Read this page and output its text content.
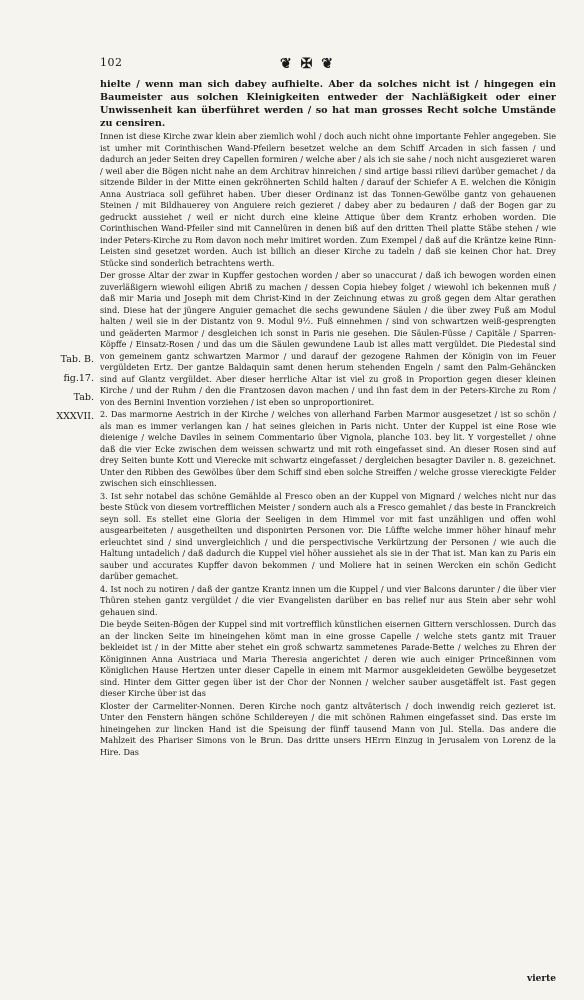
102	❦ ✠ ❦
Tab. B.
fig.17.
Tab.
XXXVII.

hielte / wenn man sich dabey aufhielte. Aber da solches nicht ist / hingegen ein Baumeister aus solchen Kleinigkeiten entweder der Nachläßigkeit oder einer Unwissenheit kan überführet werden / so hat man grosses Recht solche Umstände zu censiren.

Innen ist diese Kirche zwar klein aber ziemlich wohl / doch auch nicht ohne importante Fehler angegeben. Sie ist umher mit Corinthischen Wand-Pfeilern besetzet welche an dem Schiff Arcaden in sich fassen / und dadurch an jeder Seiten drey Capellen formiren / welche aber / als ich sie sahe / noch nicht ausgezieret waren / weil aber die Bögen nicht nahe an dem Architrav hinreichen / sind artige bassi rilievi darüber gemachet / da sitzende Bilder in der Mitte einen gekröhnerten Schild halten / darauf der Schiefer A E. welchen die Königin Anna Austriaca soll geführet haben. Uber dieser Ordinanz ist das Tonnen-Gewölbe gantz von gehauenen Steinen / mit Bildhauerey von Anguiere reich gezieret / dabey aber zu bedauren / daß der Bogen gar zu gedruckt aussiehet / weil er nicht durch eine kleine Attique über dem Krantz erhoben worden. Die Corinthischen Wand-Pfeiler sind mit Cannelüren in denen biß auf den dritten Theil platte Stäbe stehen / wie inder Peters-Kirche zu Rom davon noch mehr imitiret worden. Zum Exempel / daß auf die Kräntze keine Rinn-Leisten sind gesetzet worden. Auch ist billich an dieser Kirche zu tadeln / daß sie keinen Chor hat. Drey Stücke sind sonderlich betrachtens werth.

Der grosse Altar der zwar in Kupffer gestochen worden / aber so unaccurat / daß ich bewogen worden einen zuverläßigern wiewohl eiligen Abriß zu machen / dessen Copia hiebey folget / wiewohl ich bekennen muß / daß mir Maria und Joseph mit dem Christ-Kind in der Zeichnung etwas zu groß gegen dem Altar gerathen sind. Diese hat der jüngere Anguier gemachet die sechs gewundene Säulen / die über zwey Fuß am Modul halten / weil sie in der Distantz von 9. Modul 9½. Fuß einnehmen / sind von schwartzen weiß-gesprengten und geäderten Marmor / desgleichen ich sonst in Paris nie gesehen. Die Säulen-Füsse / Capitäle / Sparren-Köpffe / Einsatz-Rosen / und das um die Säulen gewundene Laub ist alles matt vergüldet. Die Piedestal sind von gemeinem gantz schwartzen Marmor / und darauf der gezogene Rahmen der Königin von im Feuer vergüldeten Ertz. Der gantze Baldaquin samt denen herum stehenden Engeln / samt den Palm-Gehäncken sind auf Glantz vergüldet. Aber dieser herrliche Altar ist viel zu groß in Proportion gegen dieser kleinen Kirche / und der Ruhm / den die Frantzosen davon machen / und ihn fast dem in der Peters-Kirche zu Rom / von des Bernini Invention vorziehen / ist eben so unproportioniret.

2. Das marmorne Aestrich in der Kirche / welches von allerhand Farben Marmor ausgesetzet / ist so schön / als man es immer verlangen kan / hat seines gleichen in Paris nicht. Unter der Kuppel ist eine Rose wie dieienige / welche Daviles in seinem Commentario über Vignola, planche 103. bey lit. Y vorgestellet / ohne daß die vier Ecke zwischen dem weissen schwartz und mit roth eingefasset sind. An dieser Rosen sind auf drey Seiten bunte Kott und Vierecke mit schwartz eingefasset / dergleichen besagter Daviler n. 8. gezeichnet. Unter den Ribben des Gewölbes über dem Schiff sind eben solche Streiffen / welche grosse viereckigte Felder zwischen sich einschliessen.

3. Ist sehr notabel das schöne Gemählde al Fresco oben an der Kuppel von Mignard / welches nicht nur das beste Stück von diesem vortrefflichen Meister / sondern auch als a Fresco gemahlet / das beste in Franckreich seyn soll. Es stellet eine Gloria der Seeligen in dem Himmel vor mit fast unzähligen und offen wohl ausgearbeiteten / ausgetheilten und disponirten Personen vor. Die Lüffte welche immer höher hinauf mehr erleuchtet sind / sind unvergleichlich / und die perspectivische Verkürtzung der Personen / wie auch die Haltung untadelich / daß dadurch die Kuppel viel höher aussiehet als sie in der That ist. Man kan zu Paris ein sauber und accurates Kupffer davon bekommen / und Moliere hat in seinen Wercken ein schön Gedicht darüber gemachet.

4. Ist noch zu notiren / daß der gantze Krantz innen um die Kuppel / und vier Balcons darunter / die über vier Thüren stehen gantz vergüldet / die vier Evangelisten darüber en bas relief nur aus Stein aber sehr wohl gehauen sind.

Die beyde Seiten-Bögen der Kuppel sind mit vortrefflich künstlichen eisernen Gittern verschlossen. Durch das an der lincken Seite im hineingehen kömt man in eine grosse Capelle / welche stets gantz mit Trauer bekleidet ist / in der Mitte aber stehet ein groß schwartz sammetenes Parade-Bette / welches zu Ehren der Königinnen Anna Austriaca und Maria Theresia angerichtet / deren wie auch einiger Princeßinnen vom Königlichen Hause Hertzen unter dieser Capelle in einem mit Marmor ausgekleideten Gewölbe beygesetzet sind. Hinter dem Gitter gegen über ist der Chor der Nonnen / welcher sauber ausgetäffelt ist. Fast gegen dieser Kirche über ist das

Kloster der Carmeliter-Nonnen. Deren Kirche noch gantz altväterisch / doch inwendig reich gezieret ist. Unter den Fenstern hängen schöne Schildereyen / die mit schönen Rahmen eingefasset sind. Das erste im hineingehen zur lincken Hand ist die Speisung der fünff tausend Mann von Jul. Stella. Das andere die Mahlzeit des Phariser Simons von le Brun. Das dritte unsers HErrn Einzug in Jerusalem von Lorenz de la Hire. Das

vierte
